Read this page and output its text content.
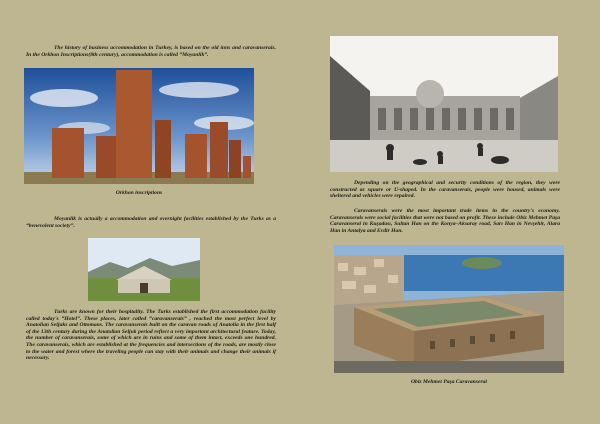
The history of business accommodation in Turkey, is based on the old inns and caravanserais. In the Orkhon Inscriptions(8th century), accommodation is called “Moyanlik”.

Orkhon inscriptions

Moyanlik is actually a accommodation and overnight facilities established by the Turks as a “benevolent society”.

Turks are known for their hospitality. The Turks established the first accommodation facility called today's “Hotel”. These places, later called “caravanserais” , reached the most perfect level by Anatolian Seljuks and Ottomans. The caravanserais built on the caravan roads of Anatolia in the first half of the 13th century during the Anatolian Seljuk period reflect a very important architectural feature. Today, the number of caravanserais, some of which are in ruins and some of them intact, exceeds one hundred. The caravanserais, which are established at the frequencies and intersections of the roads, are mostly close to the water and forest where the traveling people can stay with their animals and change their animals if necessary.

Depending on the geographical and security conditions of the region, they were constructed as square or U-shaped. In the caravanserais, people were housed, animals were sheltered and vehicles were repaired.

Caravanserais were the most important trade items in the country's economy. Caravanserais were social facilities that were not based on profit. These include Obiz Mehmet Paşa Caravanserai in Kuşadası, Sultan Han on the Konya–Aksaray road, Sarı Han in Nevşehir, Alara Han in Antalya and Evdir Han.

Obiz Mehmet Paşa Caravanserai
